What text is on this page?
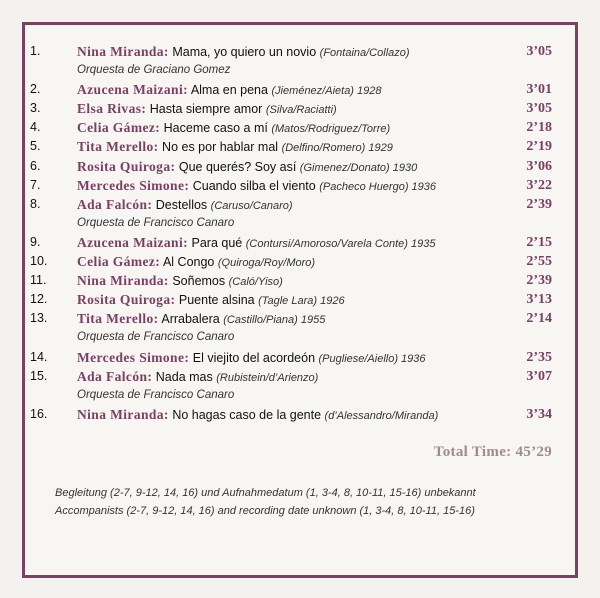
1.	Nina Miranda: Mama, yo quiero un novio (Fontaina/Collazo)	3’05
Orquesta de Graciano Gomez
2.	Azucena Maizani: Alma en pena (Jieménez/Aieta) 1928	3’01
3.	Elsa Rivas: Hasta siempre amor (Silva/Raciatti)	3’05
4.	Celia Gámez: Haceme caso a mí (Matos/Rodriguez/Torre)	2’18
5.	Tita Merello: No es por hablar mal (Delfino/Romero) 1929	2’19
6.	Rosita Quiroga: Que querés? Soy así (Gimenez/Donato) 1930	3’06
7.	Mercedes Simone: Cuando silba el viento (Pacheco Huergo) 1936	3’22
8.	Ada Falcón: Destellos (Caruso/Canaro)	2’39
Orquesta de Francisco Canaro
9.	Azucena Maizani: Para qué (Contursi/Amoroso/Varela Conte) 1935	2’15
10. Celia Gámez: Al Congo (Quiroga/Roy/Moro)	2’55
11. Nina Miranda: Soñemos (Caló/Yiso)	2’39
12. Rosita Quiroga: Puente alsina (Tagle Lara) 1926	3’13
13. Tita Merello: Arrabalera (Castillo/Piana) 1955	2’14
Orquesta de Francisco Canaro
14. Mercedes Simone: El viejito del acordeón (Pugliese/Aiello) 1936	2’35
15. Ada Falcón: Nada mas (Rubistein/d’Arienzo)	3’07
Orquesta de Francisco Canaro
16. Nina Miranda: No hagas caso de la gente (d’Alessandro/Miranda)	3’34
Total Time: 45’29
Begleitung (2-7, 9-12, 14, 16) und Aufnahmedatum (1, 3-4, 8, 10-11, 15-16) unbekannt
Accompanists (2-7, 9-12, 14, 16) and recording date unknown (1, 3-4, 8, 10-11, 15-16)
